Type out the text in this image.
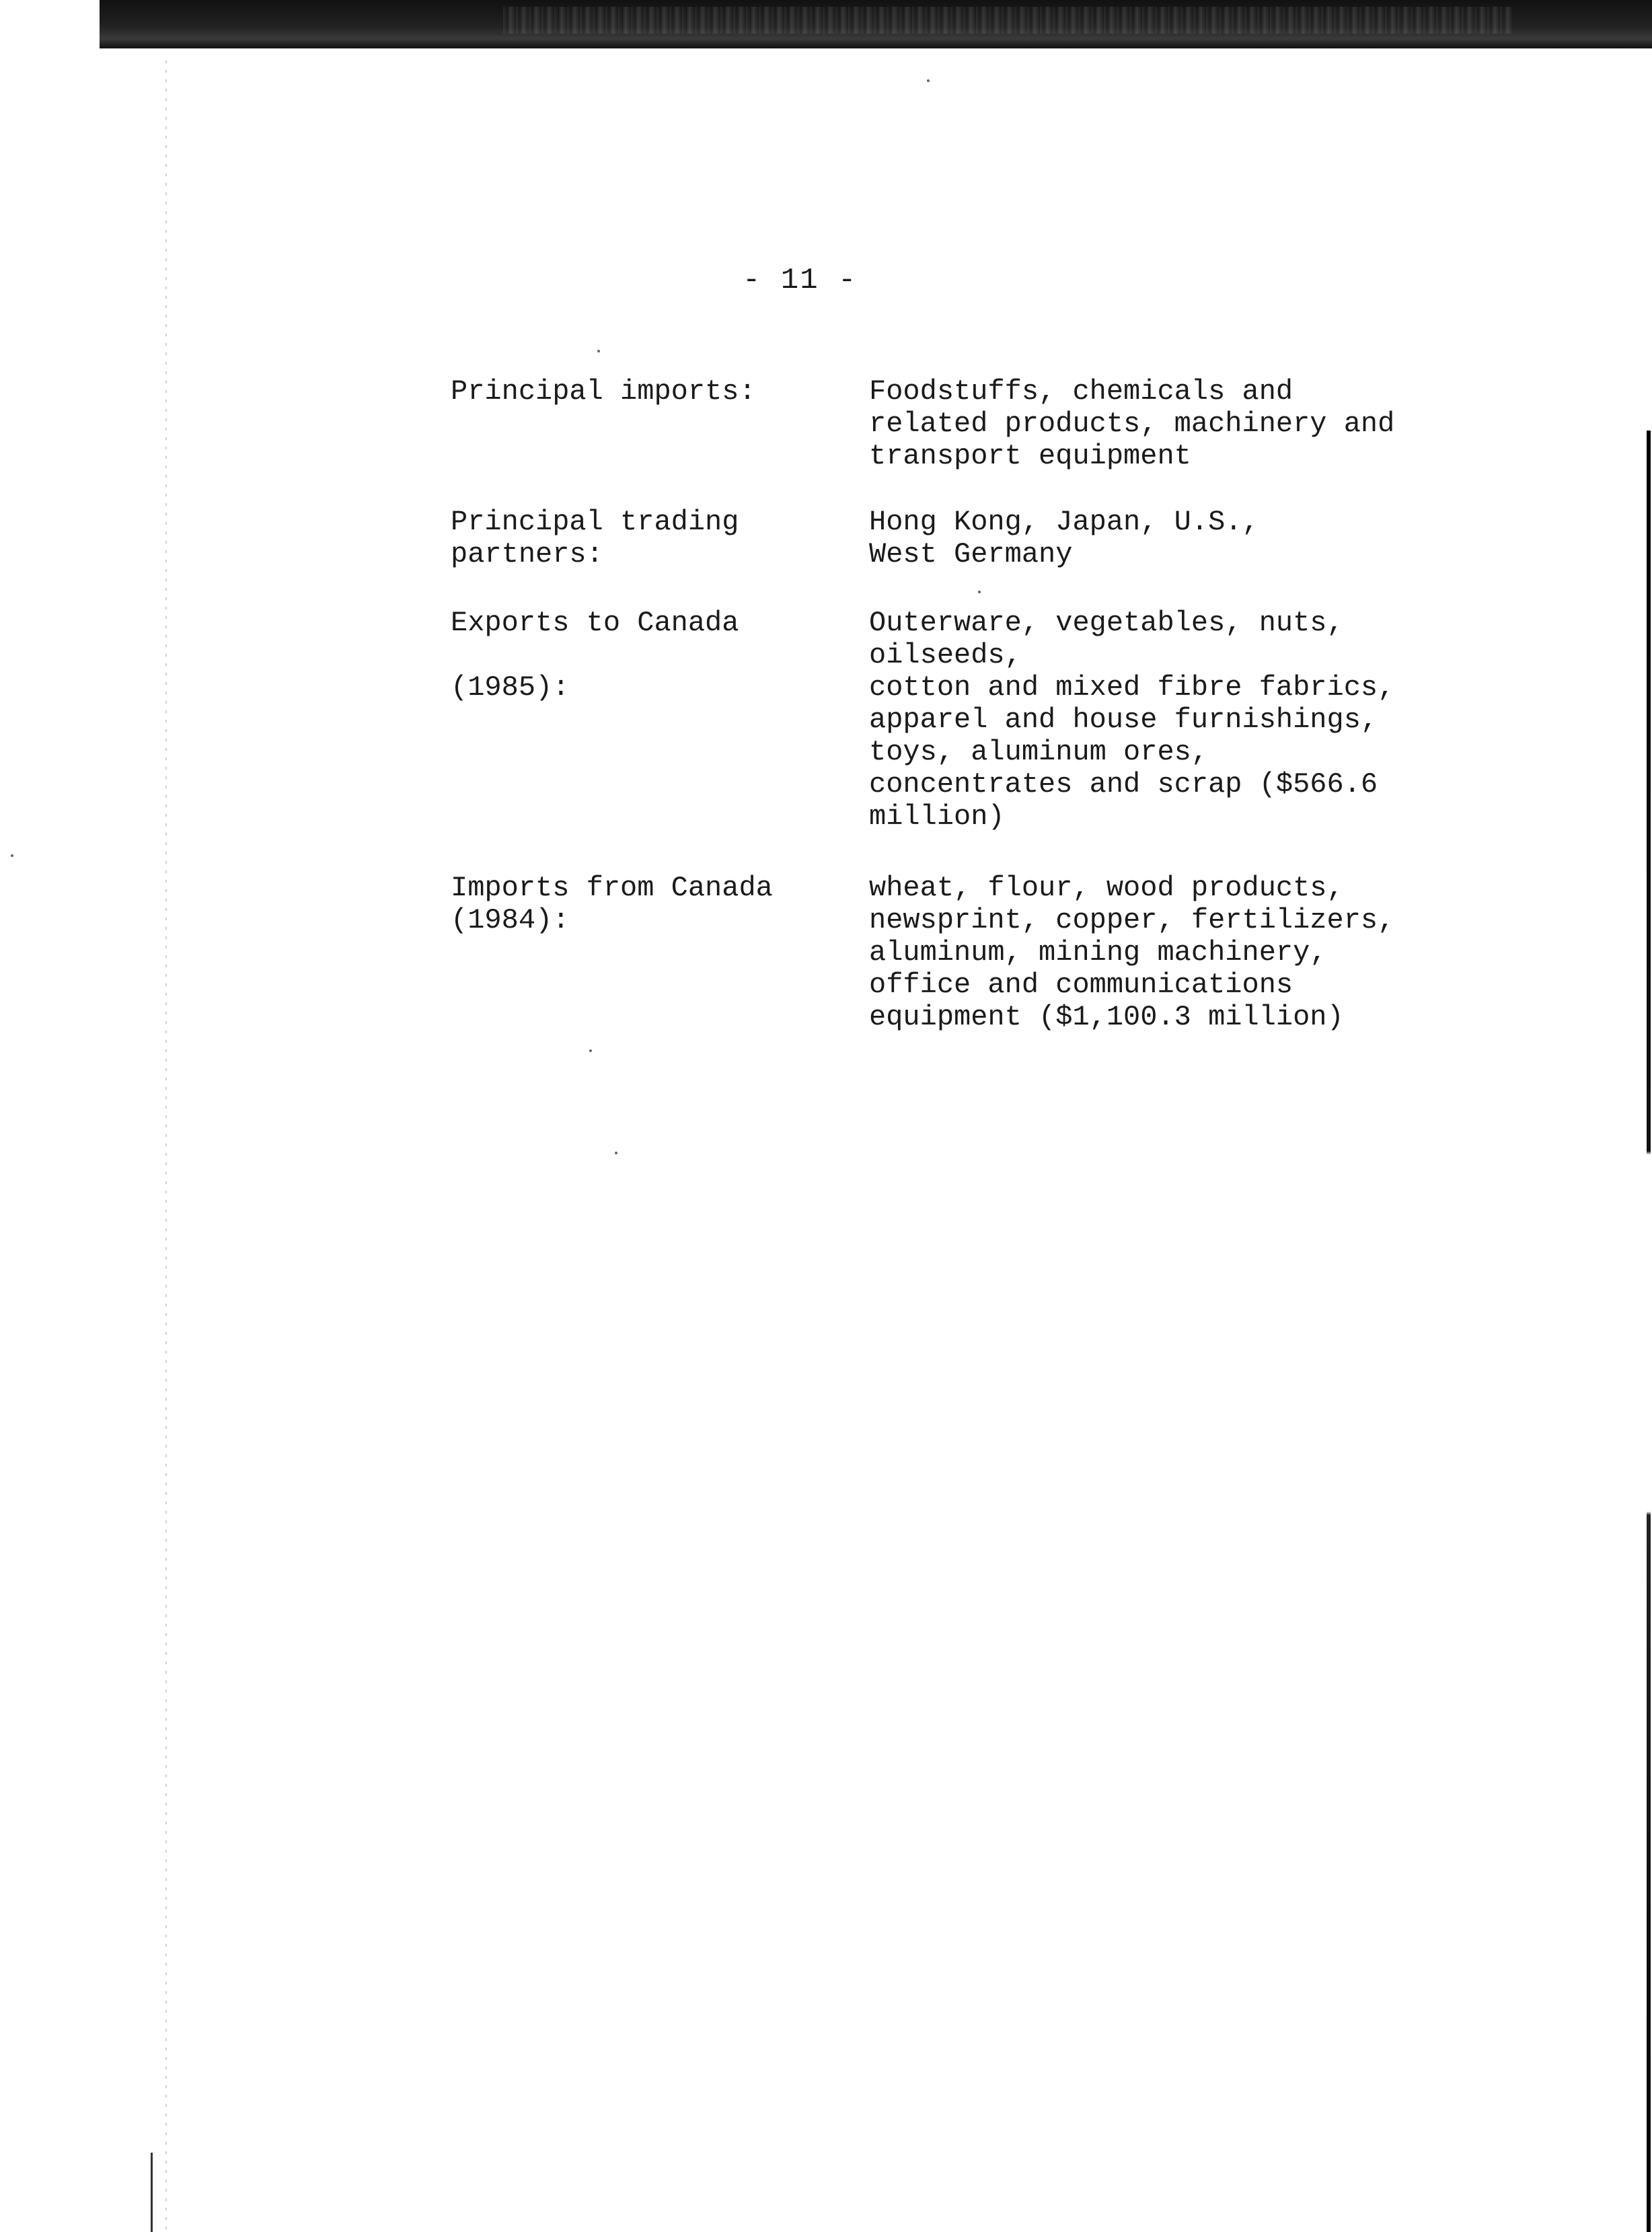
- 11 -
Principal imports:	Foodstuffs, chemicals and
related products, machinery and
transport equipment
Principal trading
partners:
Hong Kong, Japan, U.S.,
West Germany
Exports to Canada

(1985):
Outerware, vegetables, nuts,
oilseeds,
cotton and mixed fibre fabrics,
apparel and house furnishings,
toys, aluminum ores,
concentrates and scrap ($566.6
million)
Imports from Canada
(1984):
wheat, flour, wood products,
newsprint, copper, fertilizers,
aluminum, mining machinery,
office and communications
equipment ($1,100.3 million)
